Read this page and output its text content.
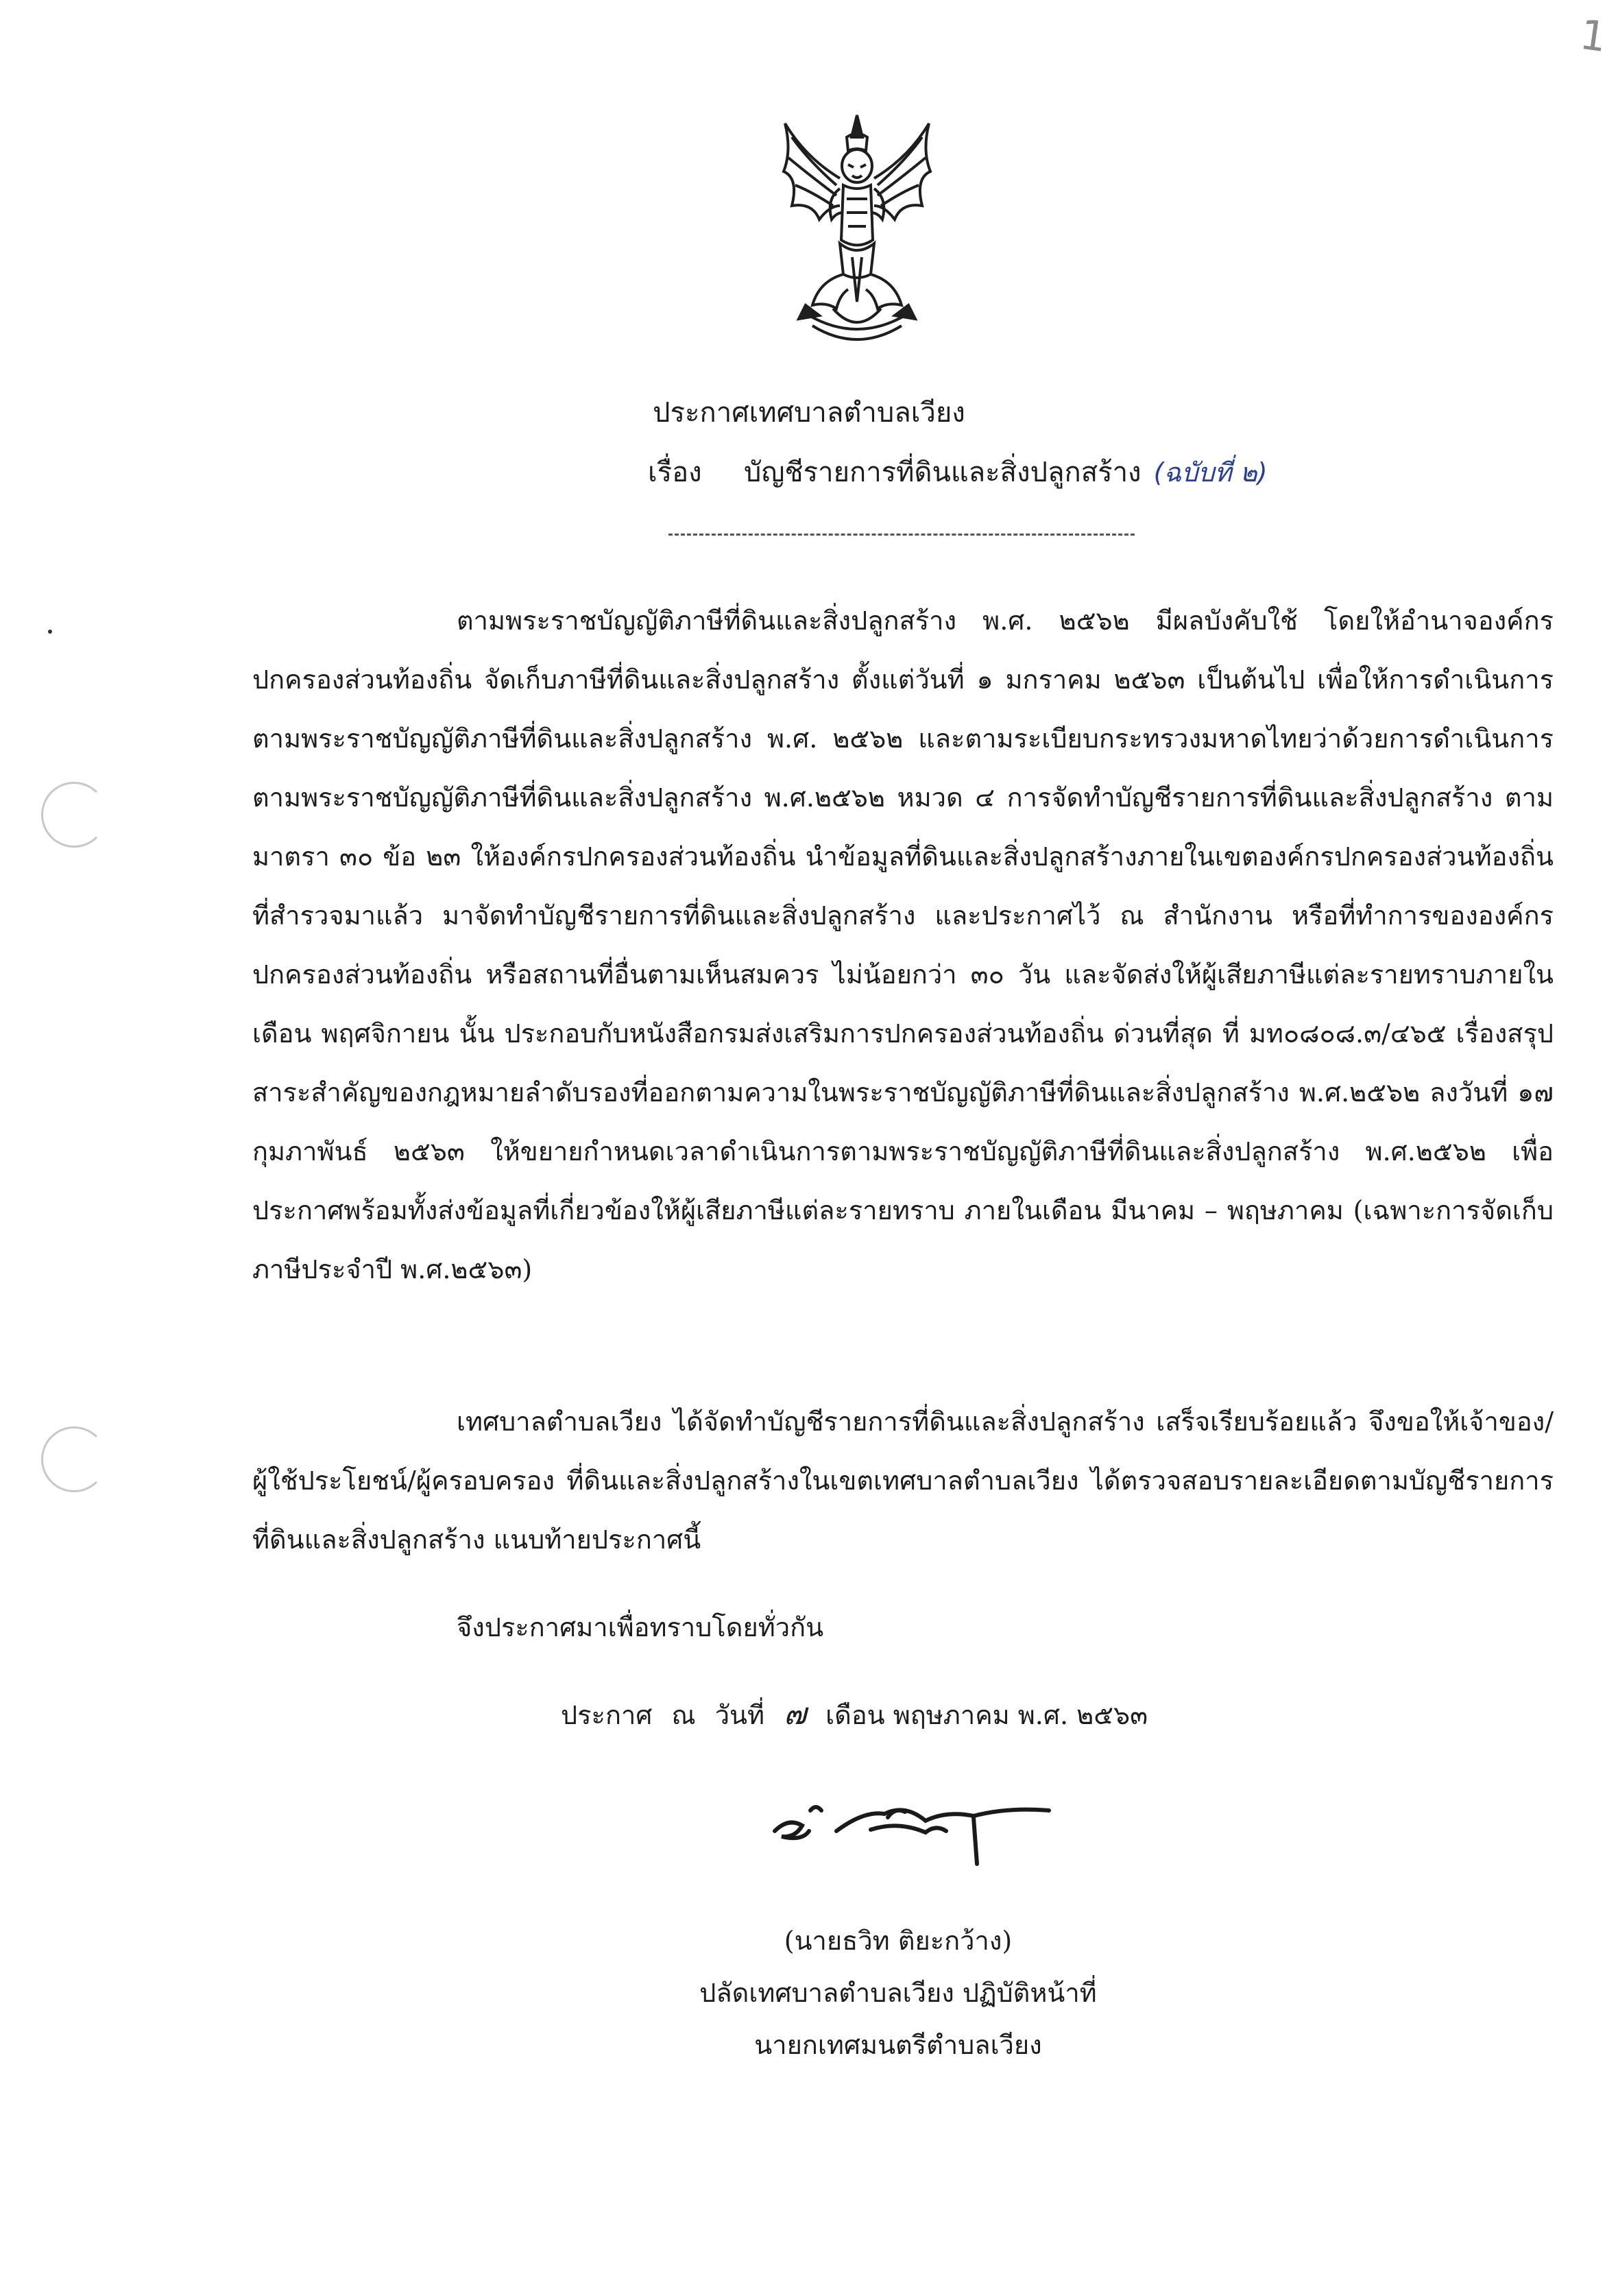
1
ประกาศเทศบาลตำบลเวียง
เรื่อง บัญชีรายการที่ดินและสิ่งปลูกสร้าง (ฉบับที่ ๒)
ตามพระราชบัญญัติภาษีที่ดินและสิ่งปลูกสร้าง พ.ศ. ๒๕๖๒ มีผลบังคับใช้ โดยให้อำนาจองค์กรปกครองส่วนท้องถิ่น จัดเก็บภาษีที่ดินและสิ่งปลูกสร้าง ตั้งแต่วันที่ ๑ มกราคม ๒๕๖๓ เป็นต้นไป เพื่อให้การดำเนินการตามพระราชบัญญัติภาษีที่ดินและสิ่งปลูกสร้าง พ.ศ. ๒๕๖๒ และตามระเบียบกระทรวงมหาดไทยว่าด้วยการดำเนินการตามพระราชบัญญัติภาษีที่ดินและสิ่งปลูกสร้าง พ.ศ.๒๕๖๒ หมวด ๔ การจัดทำบัญชีรายการที่ดินและสิ่งปลูกสร้าง ตามมาตรา ๓๐ ข้อ ๒๓ ให้องค์กรปกครองส่วนท้องถิ่น นำข้อมูลที่ดินและสิ่งปลูกสร้างภายในเขตองค์กรปกครองส่วนท้องถิ่นที่สำรวจมาแล้ว มาจัดทำบัญชีรายการที่ดินและสิ่งปลูกสร้าง และประกาศไว้ ณ สำนักงาน หรือที่ทำการขององค์กรปกครองส่วนท้องถิ่น หรือสถานที่อื่นตามเห็นสมควร ไม่น้อยกว่า ๓๐ วัน และจัดส่งให้ผู้เสียภาษีแต่ละรายทราบภายในเดือน พฤศจิกายน นั้น ประกอบกับหนังสือกรมส่งเสริมการปกครองส่วนท้องถิ่น ด่วนที่สุด ที่ มท๐๘๐๘.๓/๔๖๕ เรื่องสรุปสาระสำคัญของกฎหมายลำดับรองที่ออกตามความในพระราชบัญญัติภาษีที่ดินและสิ่งปลูกสร้าง พ.ศ.๒๕๖๒ ลงวันที่ ๑๗ กุมภาพันธ์ ๒๕๖๓ ให้ขยายกำหนดเวลาดำเนินการตามพระราชบัญญัติภาษีที่ดินและสิ่งปลูกสร้าง พ.ศ.๒๕๖๒ เพื่อประกาศพร้อมทั้งส่งข้อมูลที่เกี่ยวข้องให้ผู้เสียภาษีแต่ละรายทราบ ภายในเดือน มีนาคม – พฤษภาคม (เฉพาะการจัดเก็บภาษีประจำปี พ.ศ.๒๕๖๓)
เทศบาลตำบลเวียง ได้จัดทำบัญชีรายการที่ดินและสิ่งปลูกสร้าง เสร็จเรียบร้อยแล้ว จึงขอให้เจ้าของ/ผู้ใช้ประโยชน์/ผู้ครอบครอง ที่ดินและสิ่งปลูกสร้างในเขตเทศบาลตำบลเวียง ได้ตรวจสอบรายละเอียดตามบัญชีรายการที่ดินและสิ่งปลูกสร้าง แนบท้ายประกาศนี้
จึงประกาศมาเพื่อทราบโดยทั่วกัน
ประกาศ ณ วันที่ ๗ เดือน พฤษภาคม พ.ศ. ๒๕๖๓
(นายธวิท ติยะกว้าง)
ปลัดเทศบาลตำบลเวียง ปฏิบัติหน้าที่
นายกเทศมนตรีตำบลเวียง
